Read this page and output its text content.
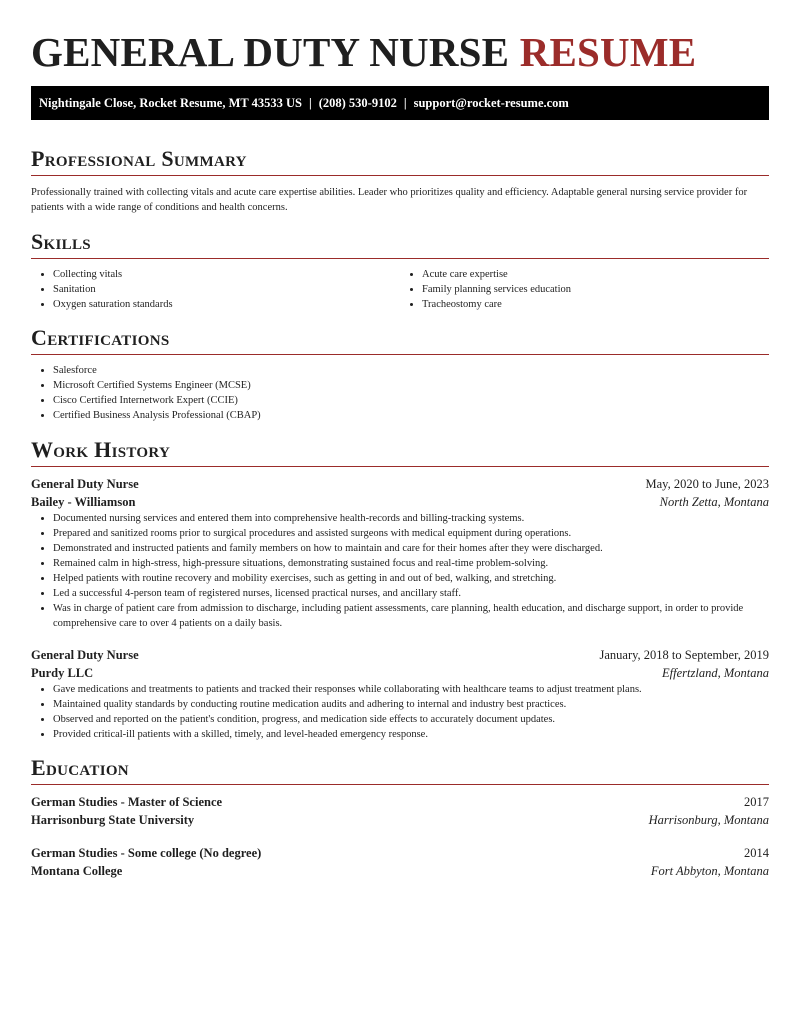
GENERAL DUTY NURSE RESUME
Nightingale Close, Rocket Resume, MT 43533 US | (208) 530-9102 | support@rocket-resume.com
Professional Summary

Professionally trained with collecting vitals and acute care expertise abilities. Leader who prioritizes quality and efficiency. Adaptable general nursing service provider for patients with a wide range of conditions and health concerns.

Skills
• Collecting vitals
• Sanitation
• Oxygen saturation standards
• Acute care expertise
• Family planning services education
• Tracheostomy care
Certifications
• Salesforce
• Microsoft Certified Systems Engineer (MCSE)
• Cisco Certified Internetwork Expert (CCIE)
• Certified Business Analysis Professional (CBAP)
Work History
General Duty Nurse	May, 2020 to June, 2023
Bailey - Williamson	North Zetta, Montana
• Documented nursing services and entered them into comprehensive health-records and billing-tracking systems.
• Prepared and sanitized rooms prior to surgical procedures and assisted surgeons with medical equipment during operations.
• Demonstrated and instructed patients and family members on how to maintain and care for their homes after they were discharged.
• Remained calm in high-stress, high-pressure situations, demonstrating sustained focus and real-time problem-solving.
• Helped patients with routine recovery and mobility exercises, such as getting in and out of bed, walking, and stretching.
• Led a successful 4-person team of registered nurses, licensed practical nurses, and ancillary staff.
• Was in charge of patient care from admission to discharge, including patient assessments, care planning, health education, and discharge support, in order to provide comprehensive care to over 4 patients on a daily basis.
General Duty Nurse	January, 2018 to September, 2019
Purdy LLC	Effertzland, Montana
• Gave medications and treatments to patients and tracked their responses while collaborating with healthcare teams to adjust treatment plans.
• Maintained quality standards by conducting routine medication audits and adhering to internal and industry best practices.
• Observed and reported on the patient's condition, progress, and medication side effects to accurately document updates.
• Provided critical-ill patients with a skilled, timely, and level-headed emergency response.
Education
German Studies - Master of Science	2017
Harrisonburg State University	Harrisonburg, Montana
German Studies - Some college (No degree)	2014
Montana College	Fort Abbyton, Montana
